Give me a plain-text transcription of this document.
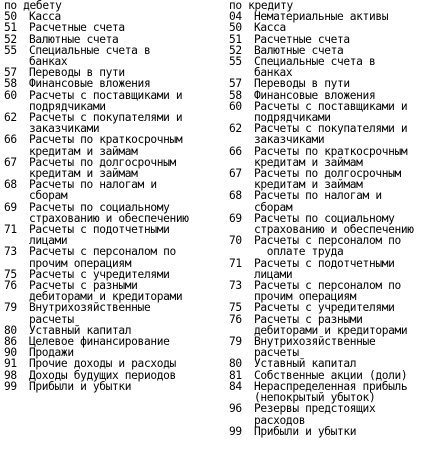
по дебету
50	Касса
51	Расчетные счета
52	Валютные счета
55	Специальные счета в
банках
57	Переводы в пути
58	Финансовые вложения
60	Расчеты с поставщиками и
подрядчиками
62	Расчеты с покупателями и
заказчиками
66	Расчеты по краткосрочным
кредитам и займам
67	Расчеты по долгосрочным
кредитам и займам
68	Расчеты по налогам и
сборам
69	Расчеты по социальному
страхованию и обеспечению
71	Расчеты с подотчетными
лицами
73	Расчеты с персоналом по
прочим операциям
75	Расчеты с учредителями
76	Расчеты с разными
дебиторами и кредиторами
79	Внутрихозяйственные
расчеты
80	Уставный капитал
86	Целевое финансирование
90	Продажи
91	Прочие доходы и расходы
98	Доходы будущих периодов
99	Прибыли и убытки
по кредиту
04	Нематериальные активы
50	Касса
51	Расчетные счета
52	Валютные счета
55	Специальные счета в
банках
57	Переводы в пути
58	Финансовые вложения
60	Расчеты с поставщиками и
подрядчиками
62	Расчеты с покупателями и
заказчиками
66	Расчеты по краткосрочным
кредитам и займам
67	Расчеты по долгосрочным
кредитам и займам
68	Расчеты по налогам и
сборам
69	Расчеты по социальному
страхованию и обеспечению
70	Расчеты с персоналом по
оплате труда
71	Расчеты с подотчетными
лицами
73	Расчеты с персоналом по
прочим операциям
75	Расчеты с учредителями
76	Расчеты с разными
дебиторами и кредиторами
79	Внутрихозяйственные
расчеты
80	Уставный капитал
81	Собственные акции (доли)
84	Нераспределенная прибыль
(непокрытый убыток)
96	Резервы предстоящих
расходов
99	Прибыли и убытки
